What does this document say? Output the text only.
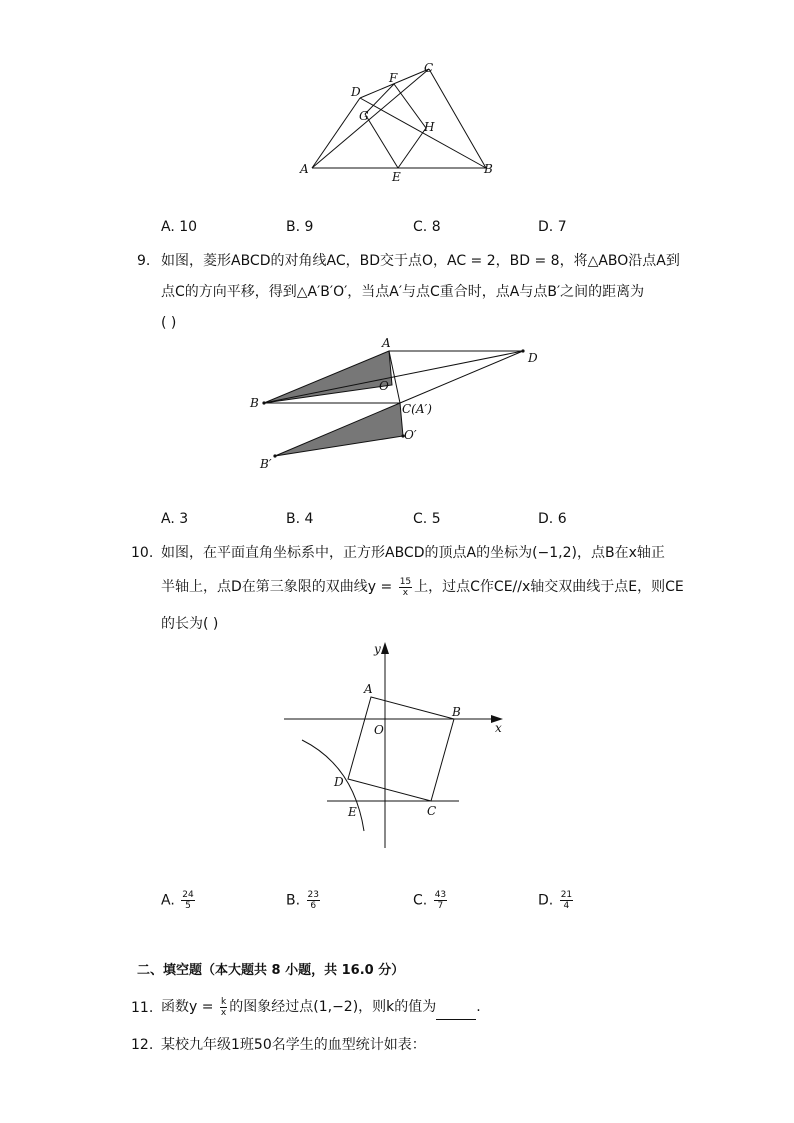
A	B
C
D
E
F
G
H
A. 10	B. 9	C. 8	D. 7
9. 如图，菱形ABCD的对角线AC，BD交于点O，AC = 2，BD = 8，将△ABO沿点A到
点C的方向平移，得到△A′B′O′，当点A′与点C重合时，点A与点B′之间的距离为
( )
A
B
D
O
C(A′)
O′
B′
A. 3	B. 4	C. 5	D. 6
10. 如图，在平面直角坐标系中，正方形ABCD的顶点A的坐标为(−1,2)，点B在x轴正
半轴上，点D在第三象限的双曲线$y = \frac{15}{x}$ 上，过点C作CE//x轴交双曲线于点E，则CE
的长为( )
y
x
A
B
O
D
E	C
A. $\frac{24}{5}$	B. $\frac{23}{6}$	C. $\frac{43}{7}$	D. $\frac{21}{4}$
二、填空题（本大题共 8 小题，共 16.0 分）
11. 函数$y = \frac{k}{x}$ 的图象经过点(1,−2)，则k的值为	.
12. 某校九年级1班50名学生的血型统计如表：
